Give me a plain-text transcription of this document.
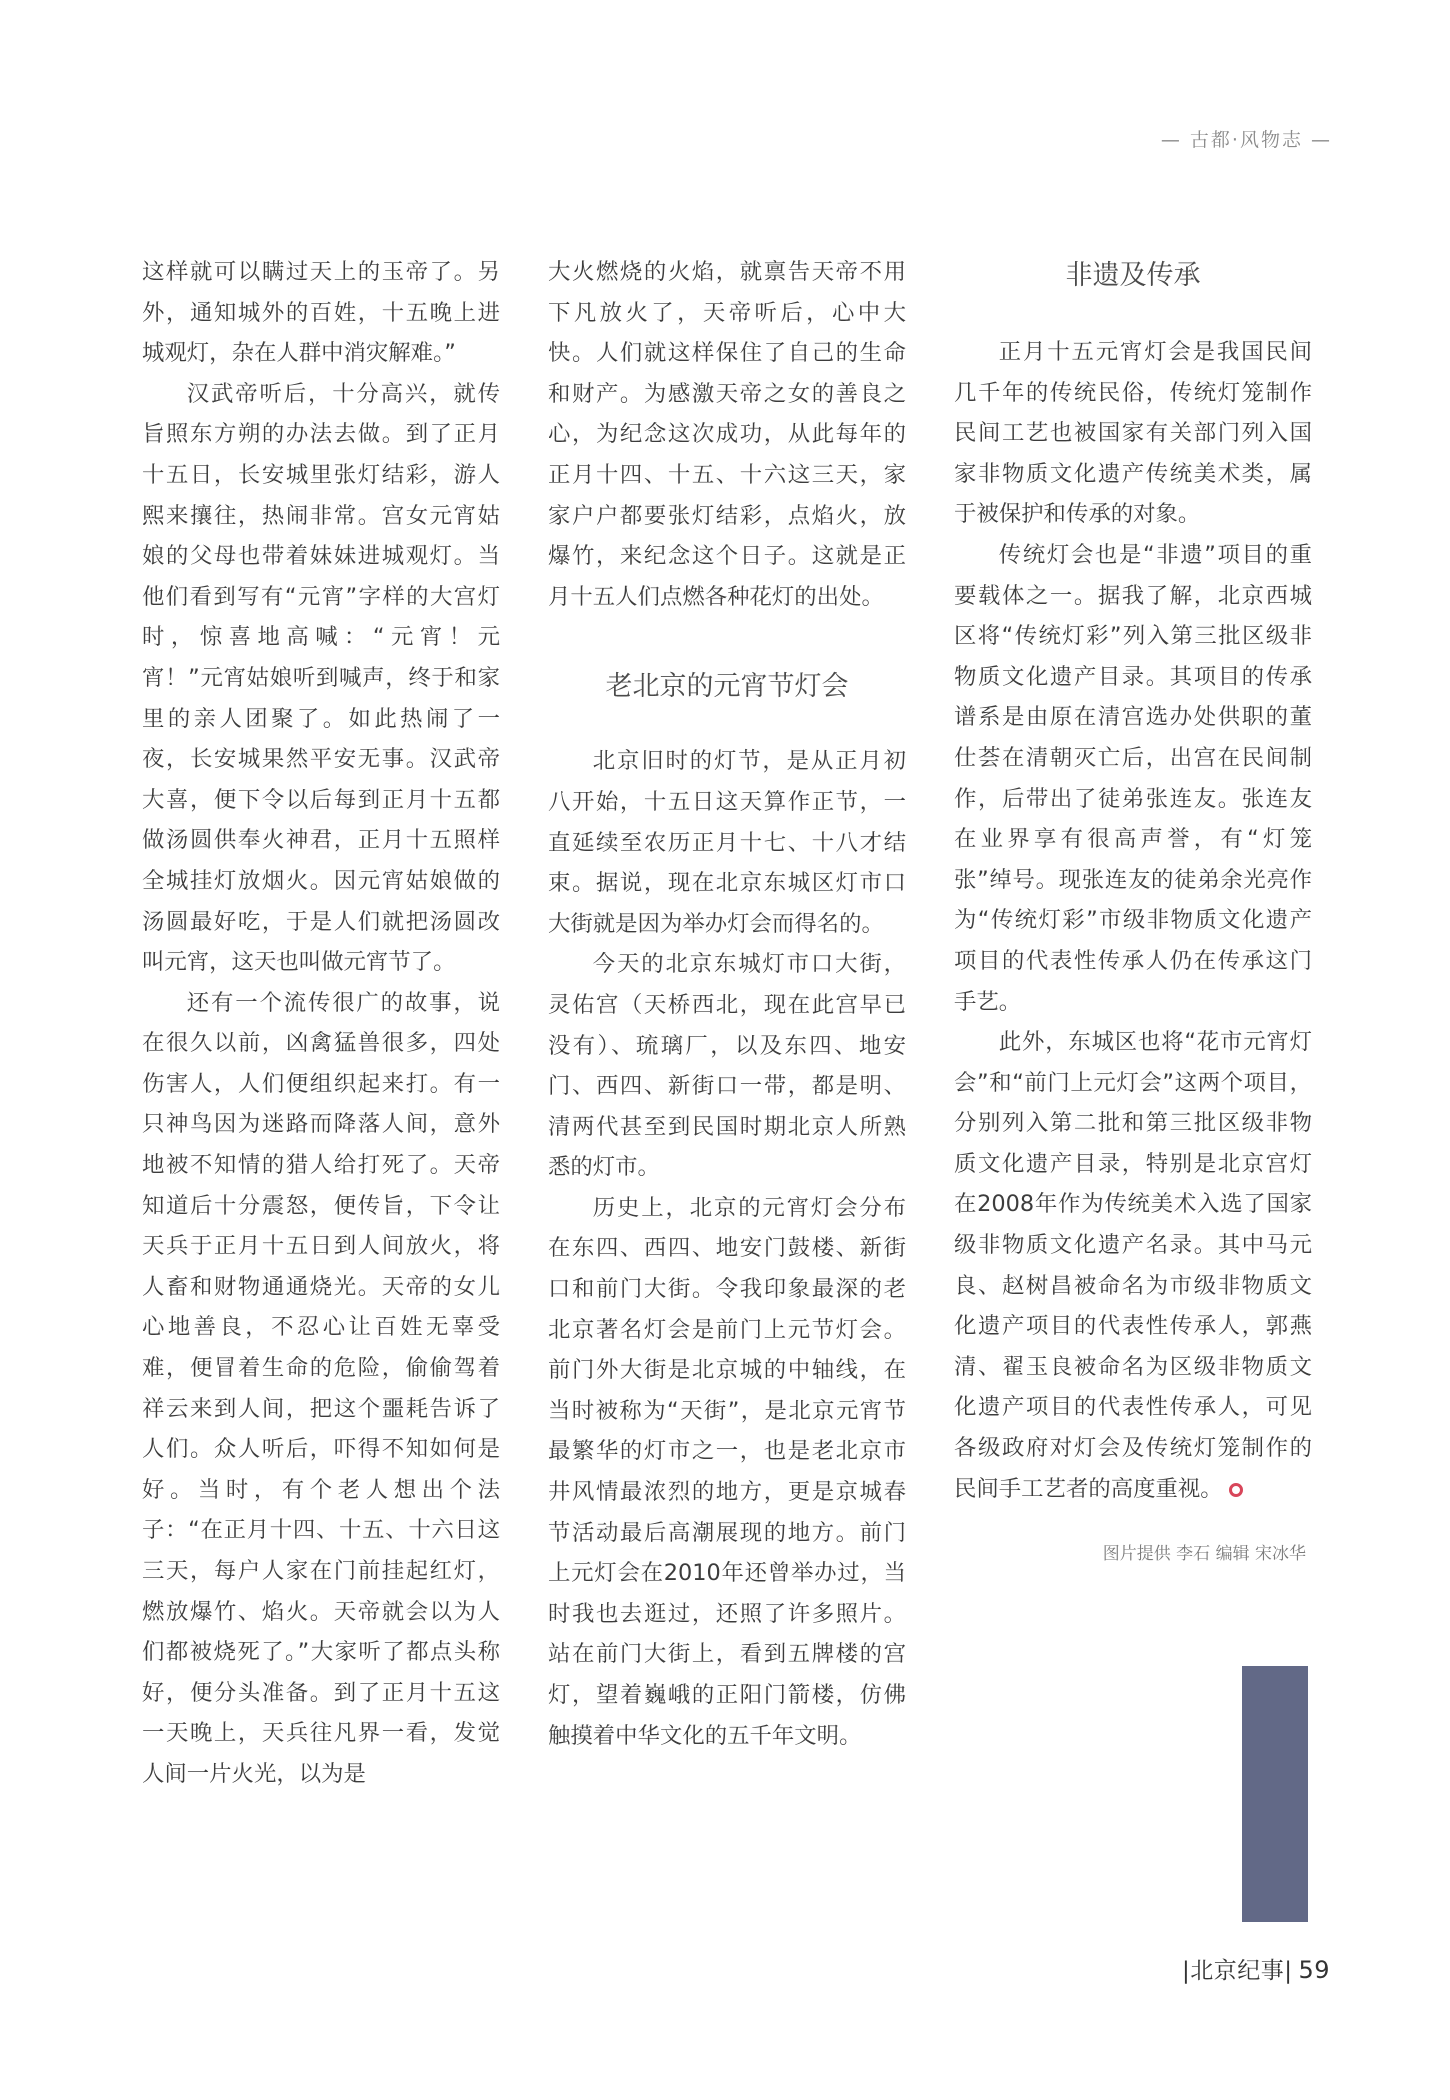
— 古都·风物志 —

这样就可以瞒过天上的玉帝了。另外，通知城外的百姓，十五晚上进城观灯，杂在人群中消灾解难。”

汉武帝听后，十分高兴，就传旨照东方朔的办法去做。到了正月十五日，长安城里张灯结彩，游人熙来攘往，热闹非常。宫女元宵姑娘的父母也带着妹妹进城观灯。当他们看到写有“元宵”字样的大宫灯时，惊喜地高喊：“元宵！元宵！”元宵姑娘听到喊声，终于和家里的亲人团聚了。如此热闹了一夜，长安城果然平安无事。汉武帝大喜，便下令以后每到正月十五都做汤圆供奉火神君，正月十五照样全城挂灯放烟火。因元宵姑娘做的汤圆最好吃，于是人们就把汤圆改叫元宵，这天也叫做元宵节了。

还有一个流传很广的故事，说在很久以前，凶禽猛兽很多，四处伤害人，人们便组织起来打。有一只神鸟因为迷路而降落人间，意外地被不知情的猎人给打死了。天帝知道后十分震怒，便传旨，下令让天兵于正月十五日到人间放火，将人畜和财物通通烧光。天帝的女儿心地善良，不忍心让百姓无辜受难，便冒着生命的危险，偷偷驾着祥云来到人间，把这个噩耗告诉了人们。众人听后，吓得不知如何是好。当时，有个老人想出个法子：“在正月十四、十五、十六日这三天，每户人家在门前挂起红灯，燃放爆竹、焰火。天帝就会以为人们都被烧死了。”大家听了都点头称好，便分头准备。到了正月十五这一天晚上，天兵往凡界一看，发觉人间一片火光，以为是

大火燃烧的火焰，就禀告天帝不用下凡放火了，天帝听后，心中大快。人们就这样保住了自己的生命和财产。为感激天帝之女的善良之心，为纪念这次成功，从此每年的正月十四、十五、十六这三天，家家户户都要张灯结彩，点焰火，放爆竹，来纪念这个日子。这就是正月十五人们点燃各种花灯的出处。

老北京的元宵节灯会

北京旧时的灯节，是从正月初八开始，十五日这天算作正节，一直延续至农历正月十七、十八才结束。据说，现在北京东城区灯市口大街就是因为举办灯会而得名的。

今天的北京东城灯市口大街，灵佑宫（天桥西北，现在此宫早已没有）、琉璃厂，以及东四、地安门、西四、新街口一带，都是明、清两代甚至到民国时期北京人所熟悉的灯市。

历史上，北京的元宵灯会分布在东四、西四、地安门鼓楼、新街口和前门大街。令我印象最深的老北京著名灯会是前门上元节灯会。前门外大街是北京城的中轴线，在当时被称为“天街”，是北京元宵节最繁华的灯市之一，也是老北京市井风情最浓烈的地方，更是京城春节活动最后高潮展现的地方。前门上元灯会在2010年还曾举办过，当时我也去逛过，还照了许多照片。站在前门大街上，看到五牌楼的宫灯，望着巍峨的正阳门箭楼，仿佛触摸着中华文化的五千年文明。

非遗及传承

正月十五元宵灯会是我国民间几千年的传统民俗，传统灯笼制作民间工艺也被国家有关部门列入国家非物质文化遗产传统美术类，属于被保护和传承的对象。

传统灯会也是“非遗”项目的重要载体之一。据我了解，北京西城区将“传统灯彩”列入第三批区级非物质文化遗产目录。其项目的传承谱系是由原在清宫选办处供职的董仕荟在清朝灭亡后，出宫在民间制作，后带出了徒弟张连友。张连友在业界享有很高声誉，有“灯笼张”绰号。现张连友的徒弟余光亮作为“传统灯彩”市级非物质文化遗产项目的代表性传承人仍在传承这门手艺。

此外，东城区也将“花市元宵灯会”和“前门上元灯会”这两个项目，分别列入第二批和第三批区级非物质文化遗产目录，特别是北京宫灯在2008年作为传统美术入选了国家级非物质文化遗产名录。其中马元良、赵树昌被命名为市级非物质文化遗产项目的代表性传承人，郭燕清、翟玉良被命名为区级非物质文化遗产项目的代表性传承人，可见各级政府对灯会及传统灯笼制作的民间手工艺者的高度重视。

图片提供 李石 编辑 宋冰华
|北京纪事| 59
